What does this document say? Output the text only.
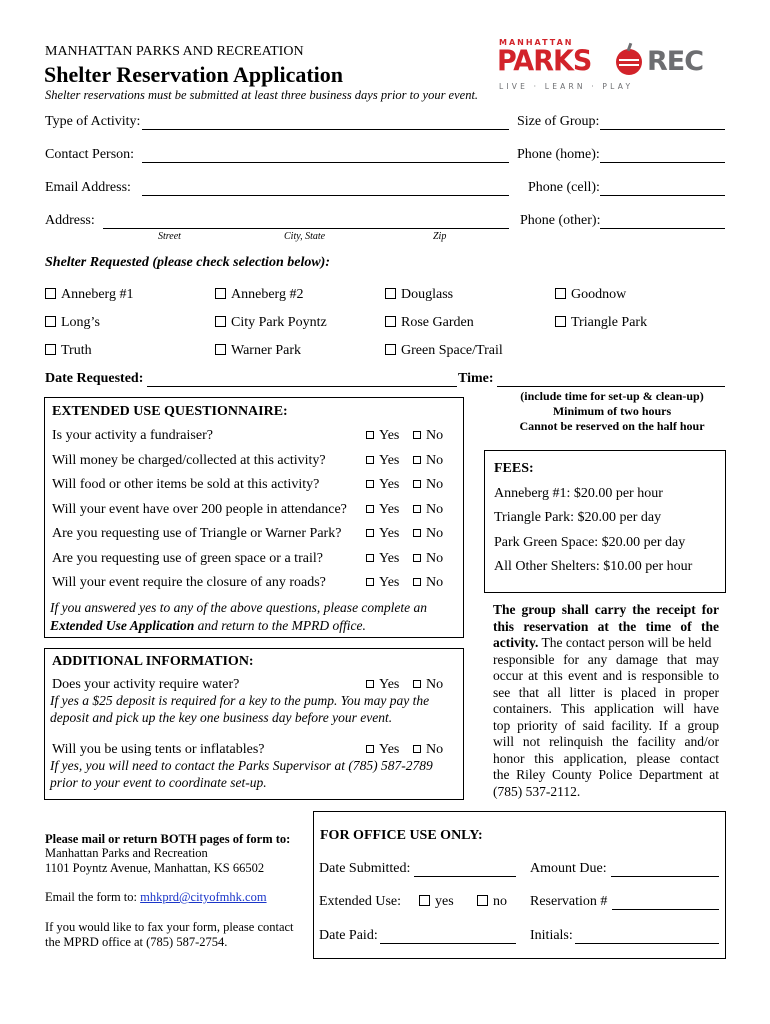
MANHATTAN PARKS AND RECREATION
Shelter Reservation Application
Shelter reservations must be submitted at least three business days prior to your event.
MANHATTAN
PARKS REC
LIVE · LEARN · PLAY
Type of Activity:	Size of Group:
Contact Person:	Phone (home):
Email Address:	Phone (cell):
Address:	Phone (other):
Street	City, State	Zip
Shelter Requested (please check selection below):
Anneberg #1	Anneberg #2	Douglass	Goodnow
Long’s	City Park Poyntz	Rose Garden	Triangle Park
Truth	Warner Park	Green Space/Trail
Date Requested:	Time:
(include time for set-up & clean-up)
Minimum of two hours
Cannot be reserved on the half hour
EXTENDED USE QUESTIONNAIRE:
Is your activity a fundraiser?	Yes	No
Will money be charged/collected at this activity?	Yes	No
Will food or other items be sold at this activity?	Yes	No
Will your event have over 200 people in attendance?	Yes	No
Are you requesting use of Triangle or Warner Park?	Yes	No
Are you requesting use of green space or a trail?	Yes	No
Will your event require the closure of any roads?	Yes	No
If you answered yes to any of the above questions, please complete an
Extended Use Application and return to the MPRD office.
FEES:
Anneberg #1: $20.00 per hour
Triangle Park: $20.00 per day
Park Green Space: $20.00 per day
All Other Shelters: $10.00 per hour
The group shall carry the receipt for
this reservation at the time of the
activity. The contact person will be held
responsible for any damage that may
occur at this event and is responsible to
see that all litter is placed in proper
containers. This application will have
top priority of said facility. If a group
will not relinquish the facility and/or
honor this application, please contact
the Riley County Police Department at
(785) 537-2112.
ADDITIONAL INFORMATION:
Does your activity require water?	Yes	No
If yes a $25 deposit is required for a key to the pump. You may pay the
deposit and pick up the key one business day before your event.
Will you be using tents or inflatables?	Yes	No
If yes, you will need to contact the Parks Supervisor at (785) 587-2789
prior to your event to coordinate set-up.
Please mail or return BOTH pages of form to:
Manhattan Parks and Recreation
1101 Poyntz Avenue, Manhattan, KS 66502
Email the form to: mhkprd@cityofmhk.com
If you would like to fax your form, please contact
the MPRD office at (785) 587-2754.
FOR OFFICE USE ONLY:
Date Submitted:	Amount Due:
Extended Use:	yes	no Reservation #
Date Paid:	Initials:
